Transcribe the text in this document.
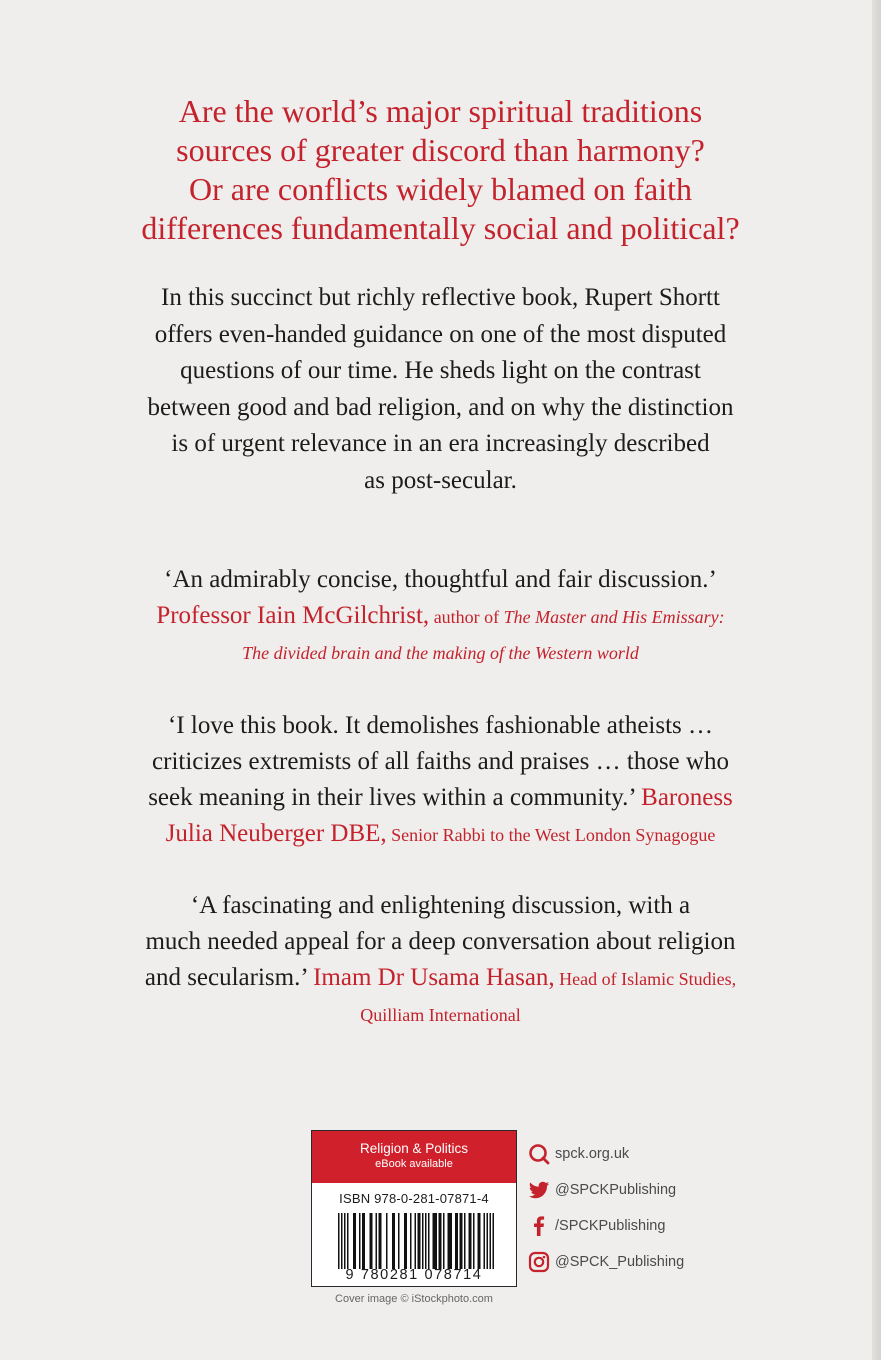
Are the world’s major spiritual traditions
sources of greater discord than harmony?
Or are conflicts widely blamed on faith
differences fundamentally social and political?
In this succinct but richly reflective book, Rupert Shortt
offers even-handed guidance on one of the most disputed
questions of our time. He sheds light on the contrast
between good and bad religion, and on why the distinction
is of urgent relevance in an era increasingly described
as post-secular.
‘An admirably concise, thoughtful and fair discussion.’
Professor Iain McGilchrist, author of The Master and His Emissary:
The divided brain and the making of the Western world
‘I love this book. It demolishes fashionable atheists …
criticizes extremists of all faiths and praises … those who
seek meaning in their lives within a community.’ Baroness
Julia Neuberger DBE, Senior Rabbi to the West London Synagogue
‘A fascinating and enlightening discussion, with a
much needed appeal for a deep conversation about religion
and secularism.’ Imam Dr Usama Hasan, Head of Islamic Studies,
Quilliam International
Religion & Politics
eBook available
ISBN 978-0-281-07871-4
9 780281 078714
Cover image © iStockphoto.com
spck.org.uk
@SPCKPublishing
/SPCKPublishing
@SPCK_Publishing
